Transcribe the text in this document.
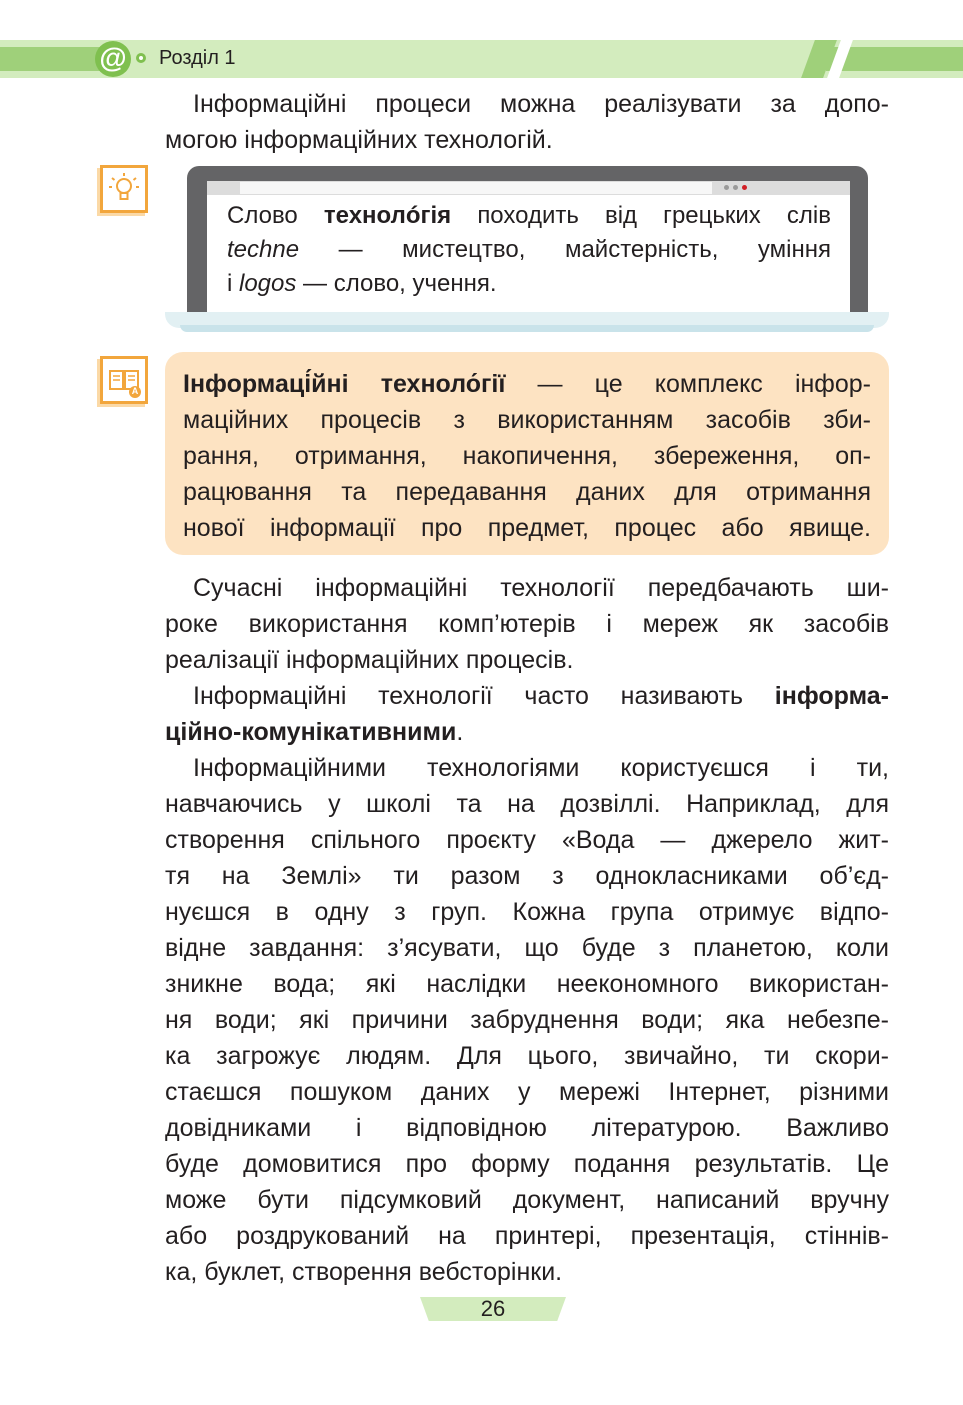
@ Розділ 1
Інформаційні процеси можна реалізувати за допо-
могою інформаційних технологій.
Слово технолóгія походить від грецьких слів
techne — мистецтво, майстерність, уміння
і logos — слово, учення.
A Інформаці́йні техноло́гії — це комплекс інфор-
маційних процесів з використанням засобів зби-
рання, отримання, накопичення, збереження, оп-
рацювання та передавання даних для отримання
нової інформації про предмет, процес або явище.
Сучасні інформаційні технології передбачають ши-
роке використання комп’ютерів і мереж як засобів
реалізації інформаційних процесів.
Інформаційні технології часто називають інформа-
ційно-комунікативними.
Інформаційними технологіями користуєшся і ти,
навчаючись у школі та на дозвіллі. Наприклад, для
створення спільного проєкту «Вода — джерело жит-
тя на Землі» ти разом з однокласниками об’єд-
нуєшся в одну з груп. Кожна група отримує відпо-
відне завдання: з’ясувати, що буде з планетою, коли
зникне вода; які наслідки неекономного використан-
ня води; які причини забруднення води; яка небезпе-
ка загрожує людям. Для цього, звичайно, ти скори-
стаєшся пошуком даних у мережі Інтернет, різними
довідниками і відповідною літературою. Важливо
буде домовитися про форму подання результатів. Це
може бути підсумковий документ, написаний вручну
або роздрукований на принтері, презентація, стіннів-
ка, буклет, створення вебсторінки.
26
